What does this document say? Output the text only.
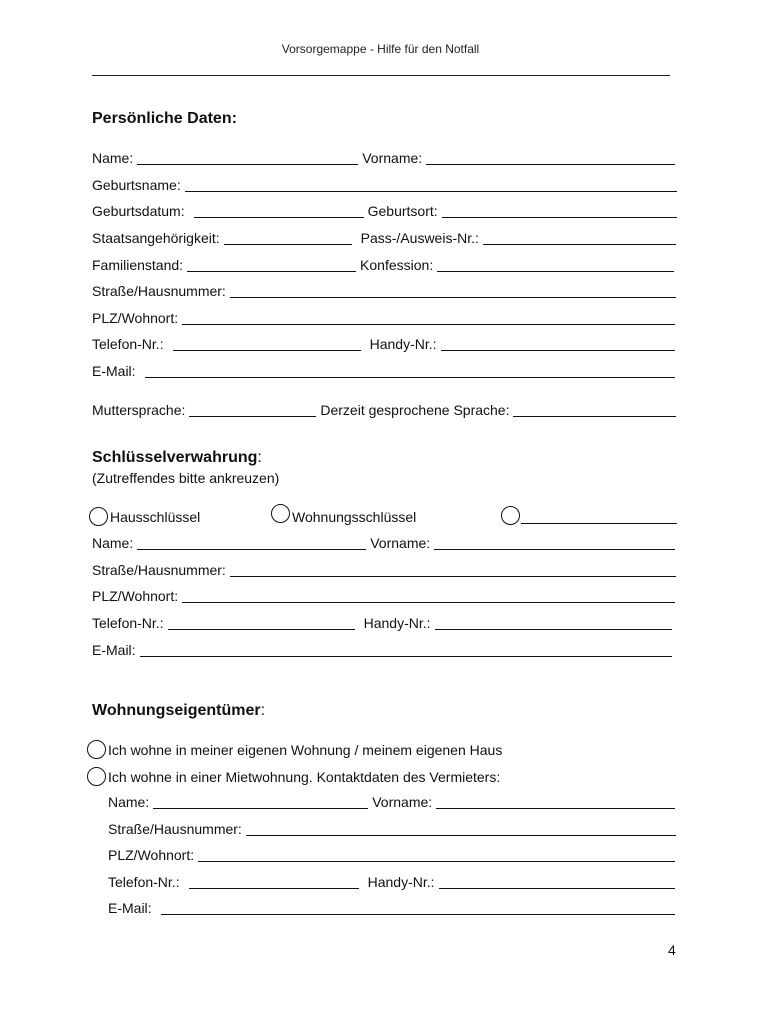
Vorsorgemappe - Hilfe für den Notfall
Persönliche Daten:
Name:	Vorname:
Geburtsname:
Geburtsdatum:	Geburtsort:
Staatsangehörigkeit:	Pass-/Ausweis-Nr.:
Familienstand:	Konfession:
Straße/Hausnummer:
PLZ/Wohnort:
Telefon-Nr.:	Handy-Nr.:
E-Mail:
Muttersprache:	Derzeit gesprochene Sprache:
Schlüsselverwahrung:
(Zutreffendes bitte ankreuzen)
Hausschlüssel	Wohnungsschlüssel
Name:	Vorname:
Straße/Hausnummer:
PLZ/Wohnort:
Telefon-Nr.:	Handy-Nr.:
E-Mail:
Wohnungseigentümer:
Ich wohne in meiner eigenen Wohnung / meinem eigenen Haus
Ich wohne in einer Mietwohnung. Kontaktdaten des Vermieters:
Name:	Vorname:
Straße/Hausnummer:
PLZ/Wohnort:
Telefon-Nr.:	Handy-Nr.:
E-Mail:
4
